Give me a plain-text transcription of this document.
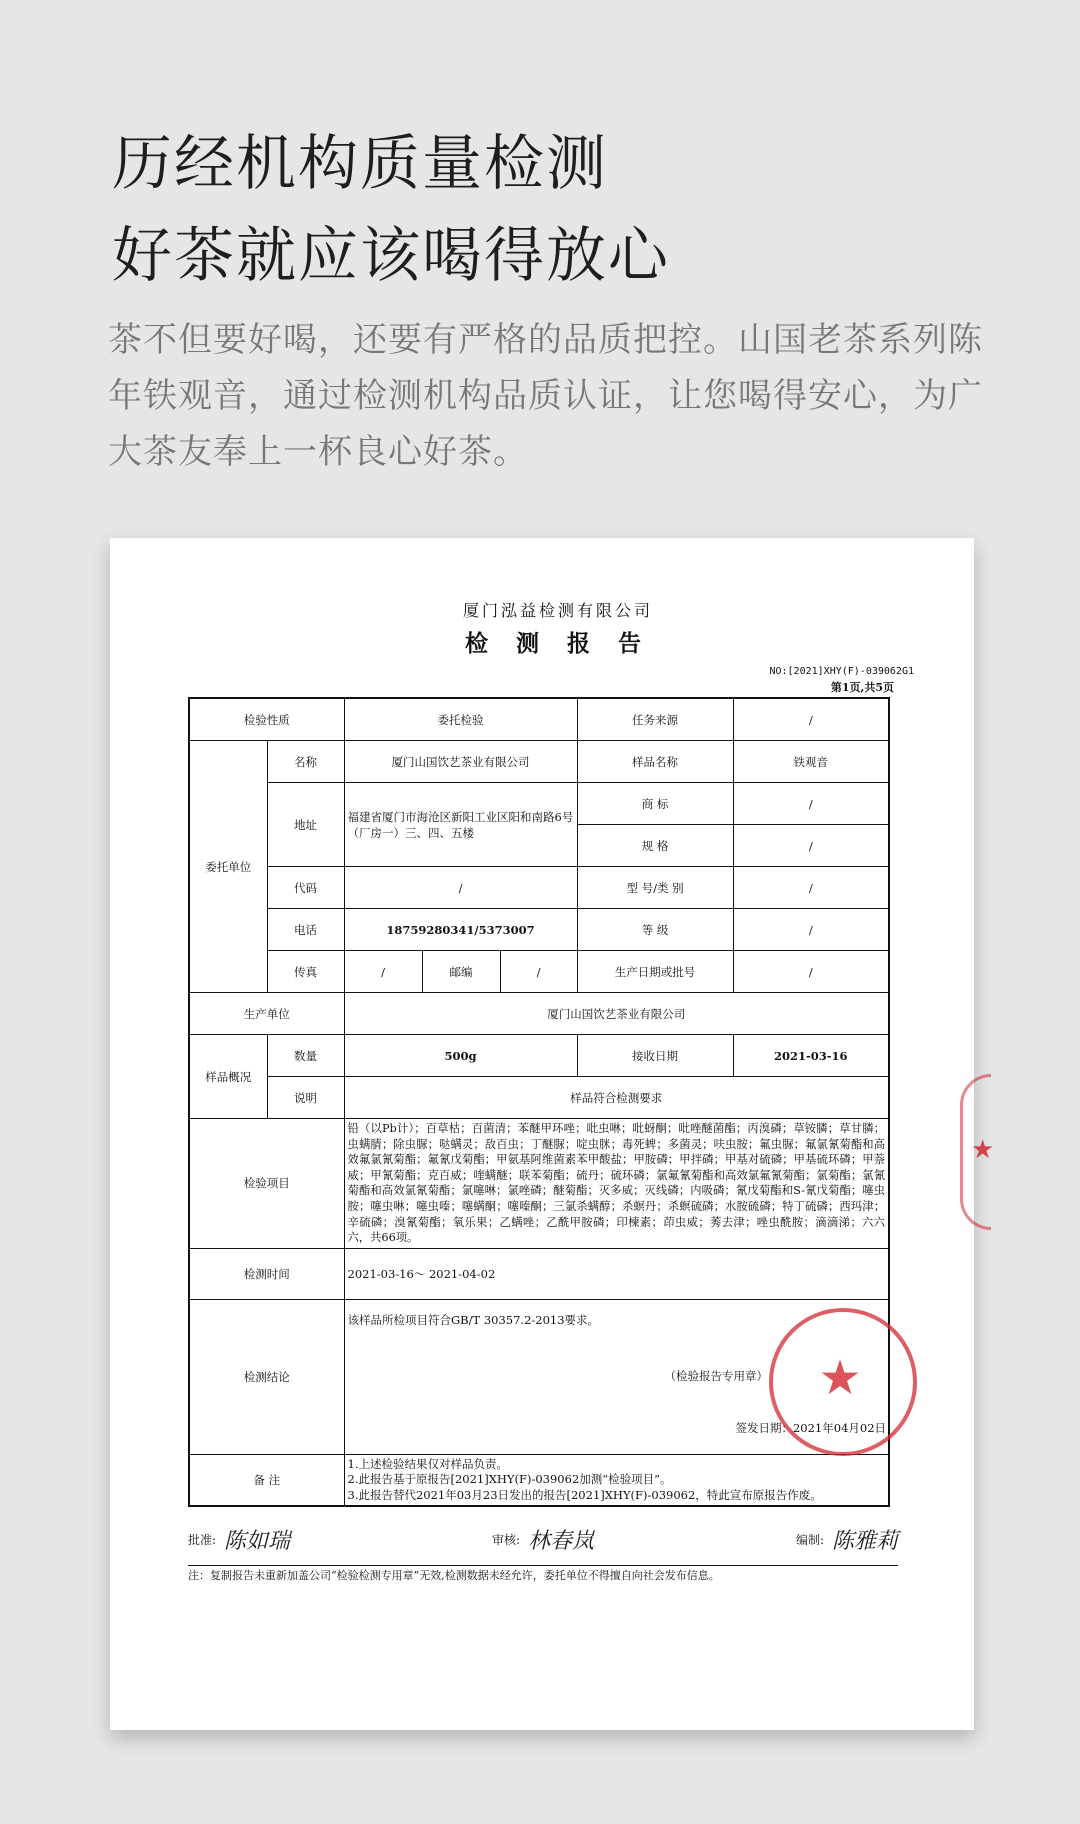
历经机构质量检测
好茶就应该喝得放心

茶不但要好喝，还要有严格的品质把控。山国老茶系列陈年铁观音，通过检测机构品质认证，让您喝得安心，为广大茶友奉上一杯良心好茶。

★
厦门泓益检测有限公司
检 测 报 告
NO:[2021]XHY(F)-039062G1
第1页,共5页
检验性质		委托检验			任务来源	/
委托单位	名称	厦门山国饮艺茶业有限公司			样品名称	铁观音
	地址	福建省厦门市海沧区新阳工业区阳和南路6号（厂房一）三、四、五楼			商 标	/
					规 格	/
	代码	/			型 号/类 别	/
	电话	18759280341/5373007			等 级	/
	传真	/	邮编	/	生产日期或批号	/
生产单位		厦门山国饮艺茶业有限公司				
样品概况	数量	500g			接收日期	2021-03-16
	说明	样品符合检测要求				
检验项目		铅（以Pb计）；百草枯；百菌清；苯醚甲环唑；吡虫啉；吡蚜酮；吡唑醚菌酯；丙溴磷；草铵膦；草甘膦；虫螨腈；除虫脲；哒螨灵；敌百虫；丁醚脲；啶虫脒；毒死蜱；多菌灵；呋虫胺；氟虫脲；氟氯氰菊酯和高效氟氯氰菊酯；氟氰戊菊酯；甲氨基阿维菌素苯甲酸盐；甲胺磷；甲拌磷；甲基对硫磷；甲基硫环磷；甲萘威；甲氰菊酯；克百威；喹螨醚；联苯菊酯；硫丹；硫环磷；氯氟氰菊酯和高效氯氟氰菊酯；氯菊酯；氯氰菊酯和高效氯氰菊酯；氯噻啉；氯唑磷；醚菊酯；灭多威；灭线磷；内吸磷；氰戊菊酯和S-氰戊菊酯；噻虫胺；噻虫啉；噻虫嗪；噻螨酮；噻嗪酮；三氯杀螨醇；杀螟丹；杀螟硫磷；水胺硫磷；特丁硫磷；西玛津；辛硫磷；溴氰菊酯；氧乐果；乙螨唑；乙酰甲胺磷；印楝素；茚虫威；莠去津；唑虫酰胺；滴滴涕；六六六，共66项。				
检测时间		2021-03-16～ 2021-04-02				
检测结论		该样品所检项目符合GB/T 30357.2-2013要求。
★
（检验报告专用章）
签发日期：2021年04月02日				

备 注		1.上述检验结果仅对样品负责。
2.此报告基于原报告[2021]XHY(F)-039062加测“检验项目”。
3.此报告替代2021年03月23日发出的报告[2021]XHY(F)-039062，特此宣布原报告作废。				
批准: 陈如瑞	审核: 林春岚	编制: 陈雅莉
注：复制报告未重新加盖公司“检验检测专用章”无效,检测数据未经允许，委托单位不得擅自向社会发布信息。
